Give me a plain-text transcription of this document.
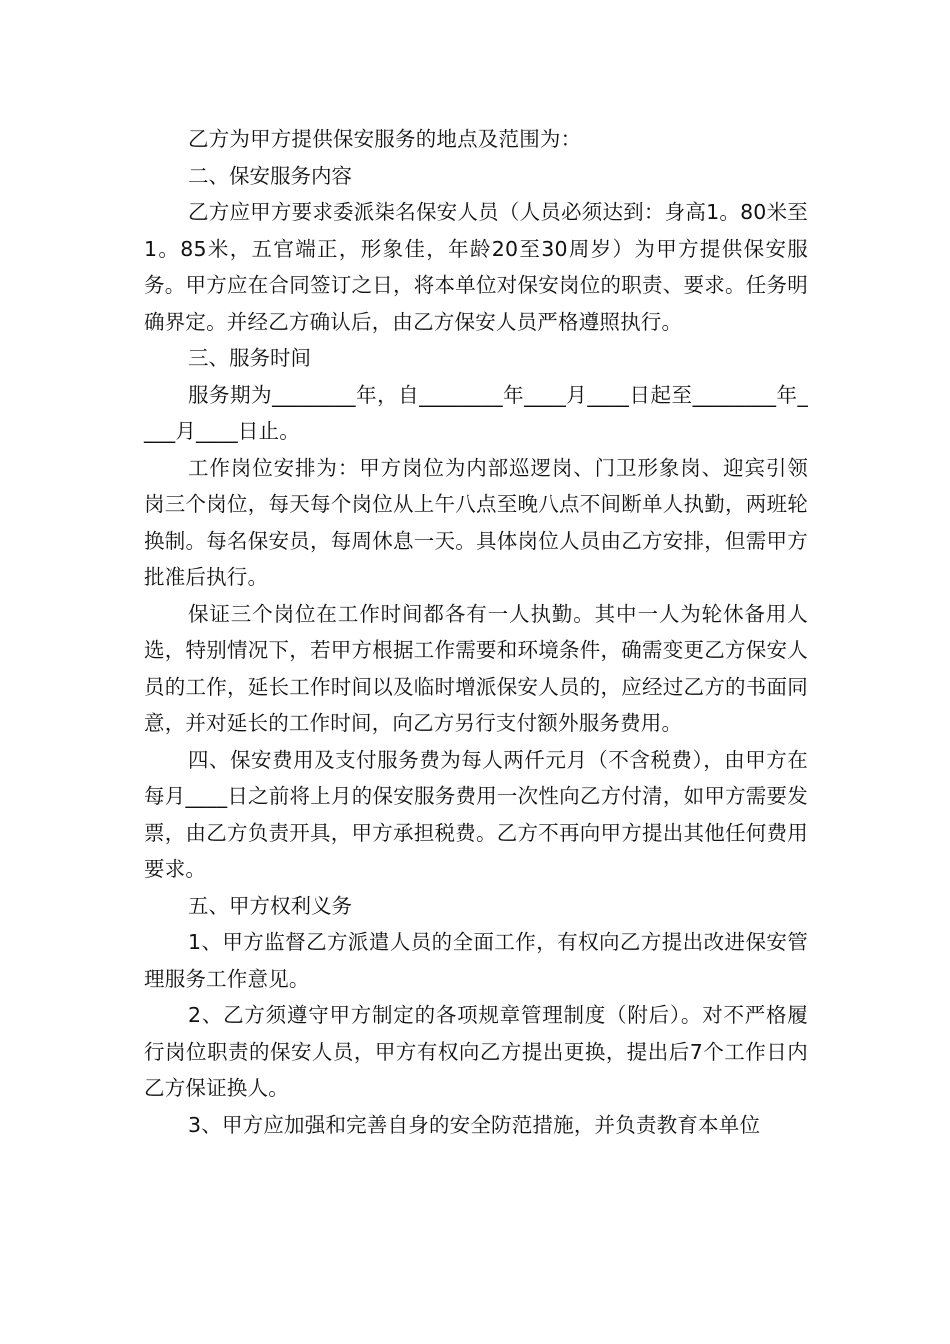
乙方为甲方提供保安服务的地点及范围为：

二、保安服务内容

乙方应甲方要求委派柒名保安人员（人员必须达到：身高1。80米至1。85米，五官端正，形象佳，年龄20至30周岁）为甲方提供保安服务。甲方应在合同签订之日，将本单位对保安岗位的职责、要求。任务明确界定。并经乙方确认后，由乙方保安人员严格遵照执行。

三、服务时间

服务期为________年，自________年____月____日起至________年____月____日止。

工作岗位安排为：甲方岗位为内部巡逻岗、门卫形象岗、迎宾引领岗三个岗位，每天每个岗位从上午八点至晚八点不间断单人执勤，两班轮换制。每名保安员，每周休息一天。具体岗位人员由乙方安排，但需甲方批准后执行。

保证三个岗位在工作时间都各有一人执勤。其中一人为轮休备用人选，特别情况下，若甲方根据工作需要和环境条件，确需变更乙方保安人员的工作，延长工作时间以及临时增派保安人员的，应经过乙方的书面同意，并对延长的工作时间，向乙方另行支付额外服务费用。

四、保安费用及支付服务费为每人两仟元月（不含税费），由甲方在每月____日之前将上月的保安服务费用一次性向乙方付清，如甲方需要发票，由乙方负责开具，甲方承担税费。乙方不再向甲方提出其他任何费用要求。

五、甲方权利义务

1、甲方监督乙方派遣人员的全面工作，有权向乙方提出改进保安管理服务工作意见。

2、乙方须遵守甲方制定的各项规章管理制度（附后）。对不严格履行岗位职责的保安人员，甲方有权向乙方提出更换，提出后7个工作日内乙方保证换人。

3、甲方应加强和完善自身的安全防范措施，并负责教育本单位
